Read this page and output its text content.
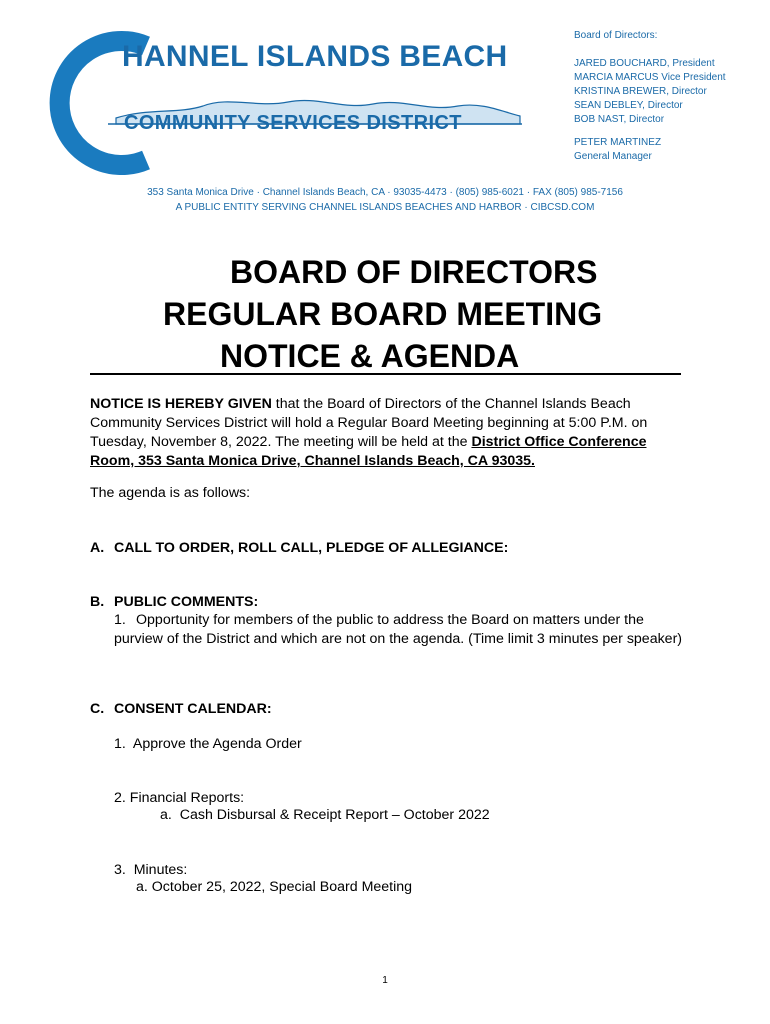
HANNEL ISLANDS BEACH
COMMUNITY SERVICES DISTRICT
Board of Directors:
JARED BOUCHARD, President
MARCIA MARCUS Vice President
KRISTINA BREWER, Director
SEAN DEBLEY, Director
BOB NAST, Director
PETER MARTINEZ
General Manager
353 Santa Monica Drive · Channel Islands Beach, CA · 93035-4473 · (805) 985-6021 · FAX (805) 985-7156
A PUBLIC ENTITY SERVING CHANNEL ISLANDS BEACHES AND HARBOR · CIBCSD.COM
BOARD OF DIRECTORS
REGULAR BOARD MEETING
NOTICE & AGENDA
NOTICE IS HEREBY GIVEN that the Board of Directors of the Channel Islands Beach Community Services District will hold a Regular Board Meeting beginning at 5:00 P.M. on Tuesday, November 8, 2022. The meeting will be held at the District Office Conference Room, 353 Santa Monica Drive, Channel Islands Beach, CA 93035.
The agenda is as follows:
A. CALL TO ORDER, ROLL CALL, PLEDGE OF ALLEGIANCE:
B. PUBLIC COMMENTS:
1. Opportunity for members of the public to address the Board on matters under the purview of the District and which are not on the agenda. (Time limit 3 minutes per speaker)
C. CONSENT CALENDAR:
1.  Approve the Agenda Order
2. Financial Reports:
a.  Cash Disbursal & Receipt Report – October 2022
3.  Minutes:
a. October 25, 2022, Special Board Meeting
1
